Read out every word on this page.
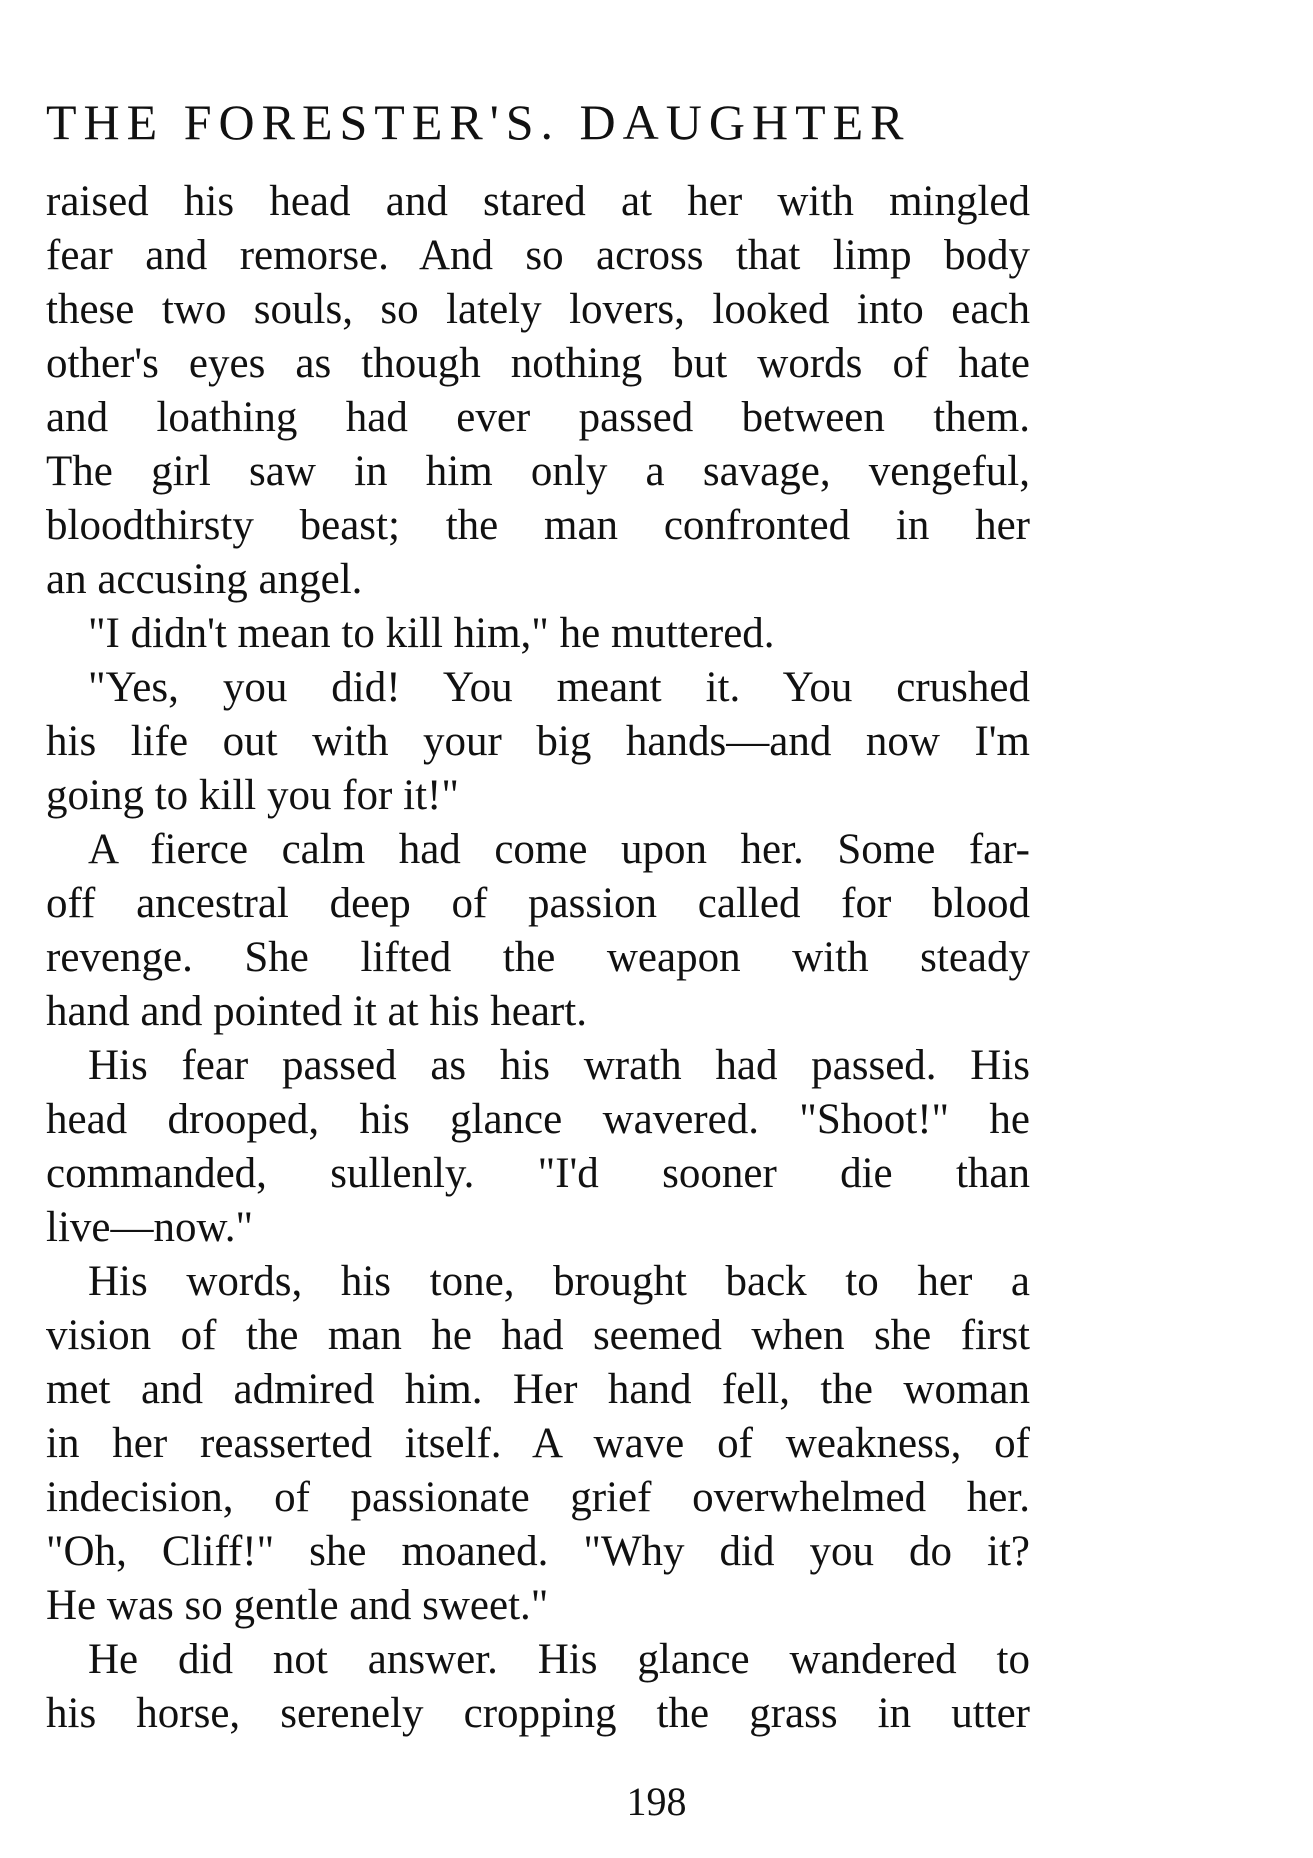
THE FORESTER'S. DAUGHTER
raised his head and stared at her with mingled
fear and remorse. And so across that limp body
these two souls, so lately lovers, looked into each
other's eyes as though nothing but words of hate
and loathing had ever passed between them.
The girl saw in him only a savage, vengeful,
bloodthirsty beast; the man confronted in her
an accusing angel.
"I didn't mean to kill him," he muttered.
"Yes, you did! You meant it. You crushed
his life out with your big hands—and now I'm
going to kill you for it!"
A fierce calm had come upon her. Some far-
off ancestral deep of passion called for blood
revenge. She lifted the weapon with steady
hand and pointed it at his heart.
His fear passed as his wrath had passed. His
head drooped, his glance wavered. "Shoot!" he
commanded, sullenly. "I'd sooner die than
live—now."
His words, his tone, brought back to her a
vision of the man he had seemed when she first
met and admired him. Her hand fell, the woman
in her reasserted itself. A wave of weakness, of
indecision, of passionate grief overwhelmed her.
"Oh, Cliff!" she moaned. "Why did you do it?
He was so gentle and sweet."
He did not answer. His glance wandered to
his horse, serenely cropping the grass in utter
198
